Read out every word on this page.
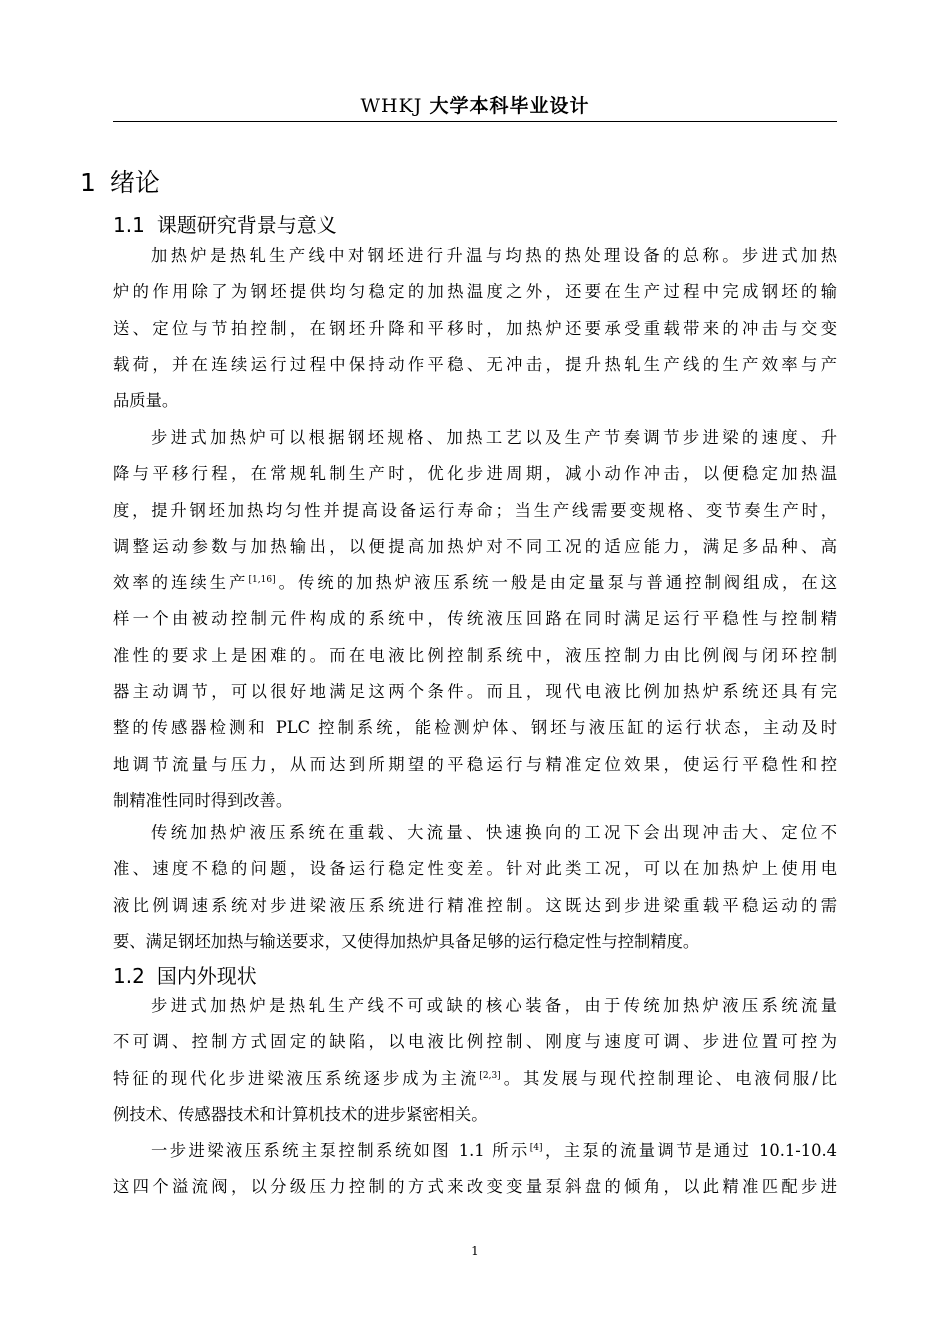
WHKJ 大学本科毕业设计
1 绪论
1.1 课题研究背景与意义
加热炉是热轧生产线中对钢坯进行升温与均热的热处理设备的总称。步进式加热
炉的作用除了为钢坯提供均匀稳定的加热温度之外，还要在生产过程中完成钢坯的输
送、定位与节拍控制，在钢坯升降和平移时，加热炉还要承受重载带来的冲击与交变
载荷，并在连续运行过程中保持动作平稳、无冲击，提升热轧生产线的生产效率与产
品质量。
步进式加热炉可以根据钢坯规格、加热工艺以及生产节奏调节步进梁的速度、升
降与平移行程，在常规轧制生产时，优化步进周期，减小动作冲击，以便稳定加热温
度，提升钢坯加热均匀性并提高设备运行寿命；当生产线需要变规格、变节奏生产时，
调整运动参数与加热输出，以便提高加热炉对不同工况的适应能力，满足多品种、高
效率的连续生产[1,16]。传统的加热炉液压系统一般是由定量泵与普通控制阀组成，在这
样一个由被动控制元件构成的系统中，传统液压回路在同时满足运行平稳性与控制精
准性的要求上是困难的。而在电液比例控制系统中，液压控制力由比例阀与闭环控制
器主动调节，可以很好地满足这两个条件。而且，现代电液比例加热炉系统还具有完
整的传感器检测和 PLC 控制系统，能检测炉体、钢坯与液压缸的运行状态，主动及时
地调节流量与压力，从而达到所期望的平稳运行与精准定位效果，使运行平稳性和控
制精准性同时得到改善。
传统加热炉液压系统在重载、大流量、快速换向的工况下会出现冲击大、定位不
准、速度不稳的问题，设备运行稳定性变差。针对此类工况，可以在加热炉上使用电
液比例调速系统对步进梁液压系统进行精准控制。这既达到步进梁重载平稳运动的需
要、满足钢坯加热与输送要求，又使得加热炉具备足够的运行稳定性与控制精度。
1.2 国内外现状
步进式加热炉是热轧生产线不可或缺的核心装备，由于传统加热炉液压系统流量
不可调、控制方式固定的缺陷，以电液比例控制、刚度与速度可调、步进位置可控为
特征的现代化步进梁液压系统逐步成为主流[2,3]。其发展与现代控制理论、电液伺服/比
例技术、传感器技术和计算机技术的进步紧密相关。
一步进梁液压系统主泵控制系统如图 1.1 所示[4]，主泵的流量调节是通过 10.1-10.4
这四个溢流阀，以分级压力控制的方式来改变变量泵斜盘的倾角，以此精准匹配步进
1
